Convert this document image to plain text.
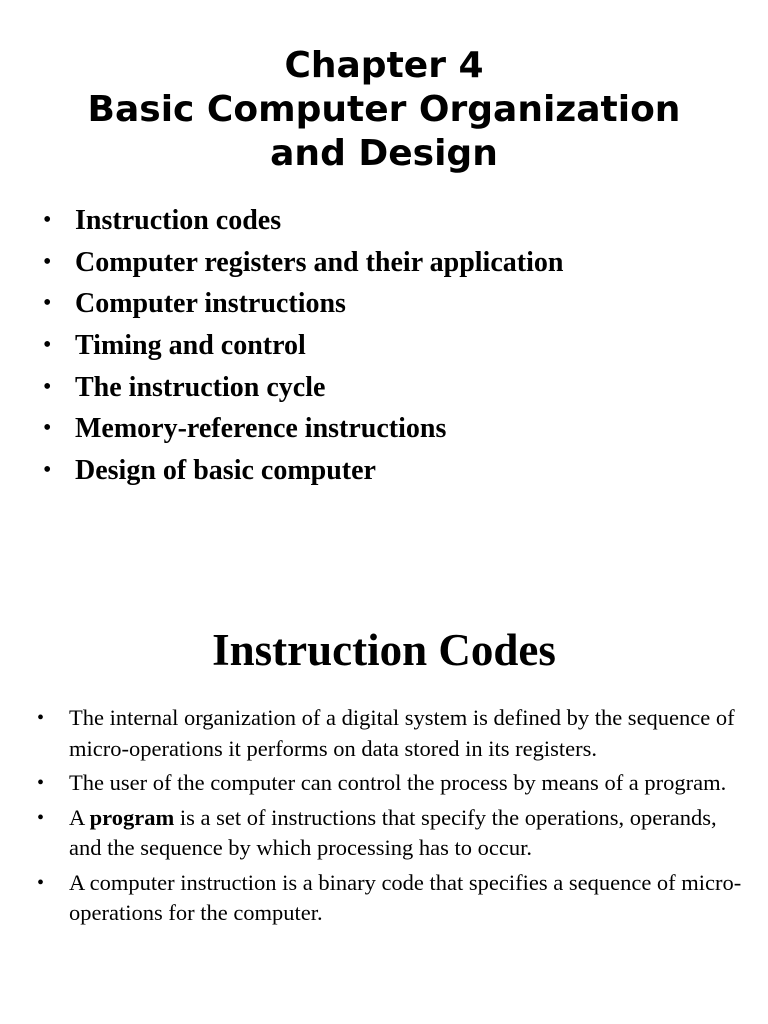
Chapter 4
Basic Computer Organization
and Design
• Instruction codes
• Computer registers and their application
• Computer instructions
• Timing and control
• The instruction cycle
• Memory-reference instructions
• Design of basic computer
Instruction Codes
• The internal organization of a digital system is defined by the sequence of micro-operations it performs on data stored in its registers.
• The user of the computer can control the process by means of a program.
• A program is a set of instructions that specify the operations, operands, and the sequence by which processing has to occur.
• A computer instruction is a binary code that specifies a sequence of micro-operations for the computer.
